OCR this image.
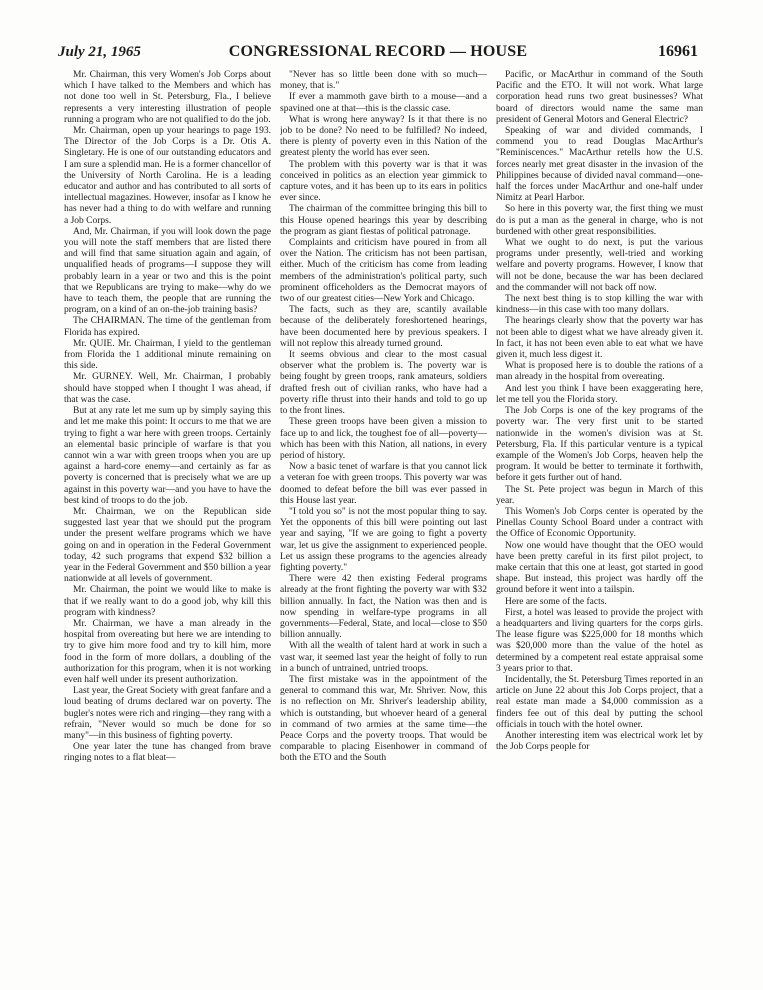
July 21, 1965	CONGRESSIONAL RECORD — HOUSE	16961

Mr. Chairman, this very Women's Job Corps about which I have talked to the Members and which has not done too well in St. Petersburg, Fla., I believe represents a very interesting illustration of people running a program who are not qualified to do the job.

Mr. Chairman, open up your hearings to page 193. The Director of the Job Corps is a Dr. Otis A. Singletary. He is one of our outstanding educators and I am sure a splendid man. He is a former chancellor of the University of North Carolina. He is a leading educator and author and has contributed to all sorts of intellectual magazines. However, insofar as I know he has never had a thing to do with welfare and running a Job Corps.

And, Mr. Chairman, if you will look down the page you will note the staff members that are listed there and will find that same situation again and again, of unqualified heads of programs—I suppose they will probably learn in a year or two and this is the point that we Republicans are trying to make—why do we have to teach them, the people that are running the program, on a kind of an on-the-job training basis?

The CHAIRMAN. The time of the gentleman from Florida has expired.

Mr. QUIE. Mr. Chairman, I yield to the gentleman from Florida the 1 additional minute remaining on this side.

Mr. GURNEY. Well, Mr. Chairman, I probably should have stopped when I thought I was ahead, if that was the case.

But at any rate let me sum up by simply saying this and let me make this point: It occurs to me that we are trying to fight a war here with green troops. Certainly an elemental basic principle of warfare is that you cannot win a war with green troops when you are up against a hard-core enemy—and certainly as far as poverty is concerned that is precisely what we are up against in this poverty war—and you have to have the best kind of troops to do the job.

Mr. Chairman, we on the Republican side suggested last year that we should put the program under the present welfare programs which we have going on and in operation in the Federal Government today, 42 such programs that expend $32 billion a year in the Federal Government and $50 billion a year nationwide at all levels of government.

Mr. Chairman, the point we would like to make is that if we really want to do a good job, why kill this program with kindness?

Mr. Chairman, we have a man already in the hospital from overeating but here we are intending to try to give him more food and try to kill him, more food in the form of more dollars, a doubling of the authorization for this program, when it is not working even half well under its present authorization.

Last year, the Great Society with great fanfare and a loud beating of drums declared war on poverty. The bugler's notes were rich and ringing—they rang with a refrain, "Never would so much be done for so many"—in this business of fighting poverty.

One year later the tune has changed from brave ringing notes to a flat bleat—

"Never has so little been done with so much—money, that is."

If ever a mammoth gave birth to a mouse—and a spavined one at that—this is the classic case.

What is wrong here anyway? Is it that there is no job to be done? No need to be fulfilled? No indeed, there is plenty of poverty even in this Nation of the greatest plenty the world has ever seen.

The problem with this poverty war is that it was conceived in politics as an election year gimmick to capture votes, and it has been up to its ears in politics ever since.

The chairman of the committee bringing this bill to this House opened hearings this year by describing the program as giant fiestas of political patronage.

Complaints and criticism have poured in from all over the Nation. The criticism has not been partisan, either. Much of the criticism has come from leading members of the administration's political party, such prominent officeholders as the Democrat mayors of two of our greatest cities—New York and Chicago.

The facts, such as they are, scantily available because of the deliberately foreshortened hearings, have been documented here by previous speakers. I will not replow this already turned ground.

It seems obvious and clear to the most casual observer what the problem is. The poverty war is being fought by green troops, rank amateurs, soldiers drafted fresh out of civilian ranks, who have had a poverty rifle thrust into their hands and told to go up to the front lines.

These green troops have been given a mission to face up to and lick, the toughest foe of all—poverty—which has been with this Nation, all nations, in every period of history.

Now a basic tenet of warfare is that you cannot lick a veteran foe with green troops. This poverty war was doomed to defeat before the bill was ever passed in this House last year.

"I told you so" is not the most popular thing to say. Yet the opponents of this bill were pointing out last year and saying, "If we are going to fight a poverty war, let us give the assignment to experienced people. Let us assign these programs to the agencies already fighting poverty."

There were 42 then existing Federal programs already at the front fighting the poverty war with $32 billion annually. In fact, the Nation was then and is now spending in welfare-type programs in all governments—Federal, State, and local—close to $50 billion annually.

With all the wealth of talent hard at work in such a vast war, it seemed last year the height of folly to run in a bunch of untrained, untried troops.

The first mistake was in the appointment of the general to command this war, Mr. Shriver. Now, this is no reflection on Mr. Shriver's leadership ability, which is outstanding, but whoever heard of a general in command of two armies at the same time—the Peace Corps and the poverty troops. That would be comparable to placing Eisenhower in command of both the ETO and the South

Pacific, or MacArthur in command of the South Pacific and the ETO. It will not work. What large corporation head runs two great businesses? What board of directors would name the same man president of General Motors and General Electric?

Speaking of war and divided commands, I commend you to read Douglas MacArthur's "Reminiscences." MacArthur retells how the U.S. forces nearly met great disaster in the invasion of the Philippines because of divided naval command—one-half the forces under MacArthur and one-half under Nimitz at Pearl Harbor.

So here in this poverty war, the first thing we must do is put a man as the general in charge, who is not burdened with other great responsibilities.

What we ought to do next, is put the various programs under presently, well-tried and working welfare and poverty programs. However, I know that will not be done, because the war has been declared and the commander will not back off now.

The next best thing is to stop killing the war with kindness—in this case with too many dollars.

The hearings clearly show that the poverty war has not been able to digest what we have already given it. In fact, it has not been even able to eat what we have given it, much less digest it.

What is proposed here is to double the rations of a man already in the hospital from overeating.

And lest you think I have been exaggerating here, let me tell you the Florida story.

The Job Corps is one of the key programs of the poverty war. The very first unit to be started nationwide in the women's division was at St. Petersburg, Fla. If this particular venture is a typical example of the Women's Job Corps, heaven help the program. It would be better to terminate it forthwith, before it gets further out of hand.

The St. Pete project was begun in March of this year.

This Women's Job Corps center is operated by the Pinellas County School Board under a contract with the Office of Economic Opportunity.

Now one would have thought that the OEO would have been pretty careful in its first pilot project, to make certain that this one at least, got started in good shape. But instead, this project was hardly off the ground before it went into a tailspin.

Here are some of the facts.

First, a hotel was leased to provide the project with a headquarters and living quarters for the corps girls. The lease figure was $225,000 for 18 months which was $20,000 more than the value of the hotel as determined by a competent real estate appraisal some 3 years prior to that.

Incidentally, the St. Petersburg Times reported in an article on June 22 about this Job Corps project, that a real estate man made a $4,000 commission as a finders fee out of this deal by putting the school officials in touch with the hotel owner.

Another interesting item was electrical work let by the Job Corps people for
